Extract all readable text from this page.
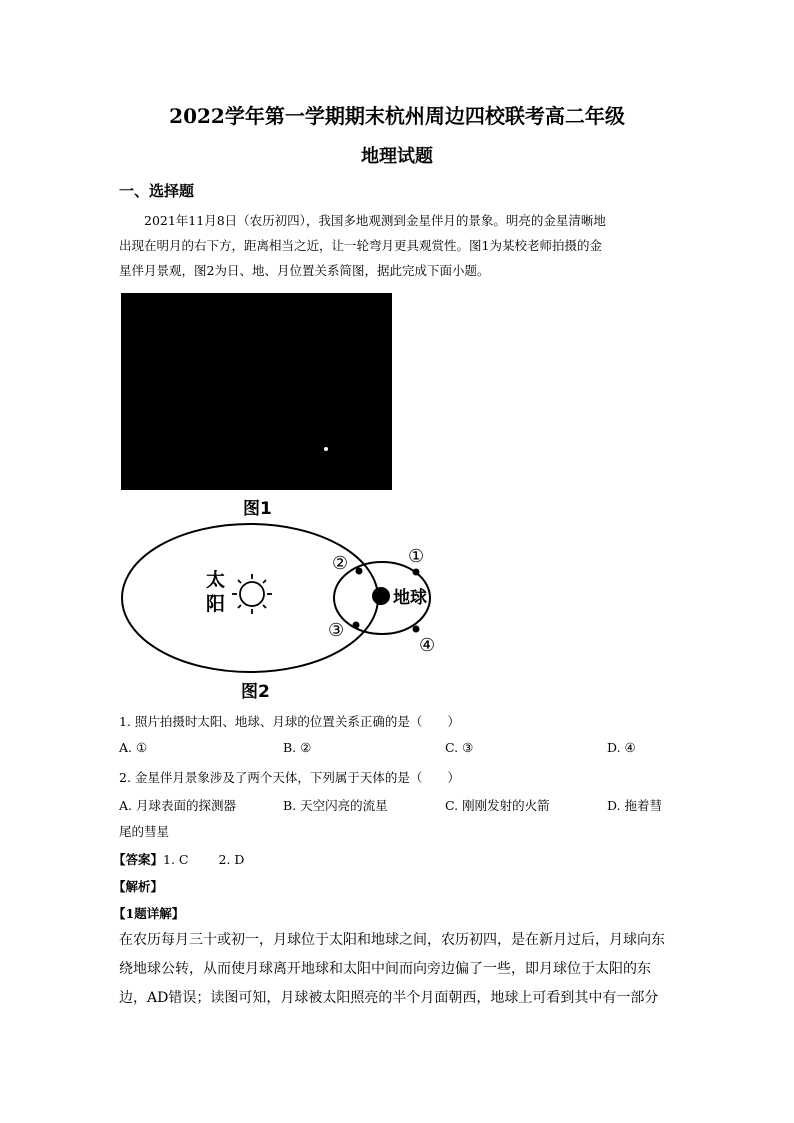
2022学年第一学期期末杭州周边四校联考高二年级
地理试题
一、选择题

2021年11月8日（农历初四），我国多地观测到金星伴月的景象。明亮的金星清晰地

出现在明月的右下方，距离相当之近，让一轮弯月更具观赏性。图1为某校老师拍摄的金

星伴月景观，图2为日、地、月位置关系简图，据此完成下面小题。

图1
太
阳	地球
①
②
③
④
图2
1. 照片拍摄时太阳、地球、月球的位置关系正确的是（　　）
A. ①	B. ②	C. ③	D. ④
2. 金星伴月景象涉及了两个天体，下列属于天体的是（　　）
A. 月球表面的探测器	B. 天空闪亮的流星	C. 刚刚发射的火箭	D. 拖着彗
尾的彗星
【答案】1. C 2. D
【解析】
【1题详解】

在农历每月三十或初一，月球位于太阳和地球之间，农历初四，是在新月过后，月球向东

绕地球公转，从而使月球离开地球和太阳中间而向旁边偏了一些，即月球位于太阳的东

边，AD错误；读图可知，月球被太阳照亮的半个月面朝西，地球上可看到其中有一部分
